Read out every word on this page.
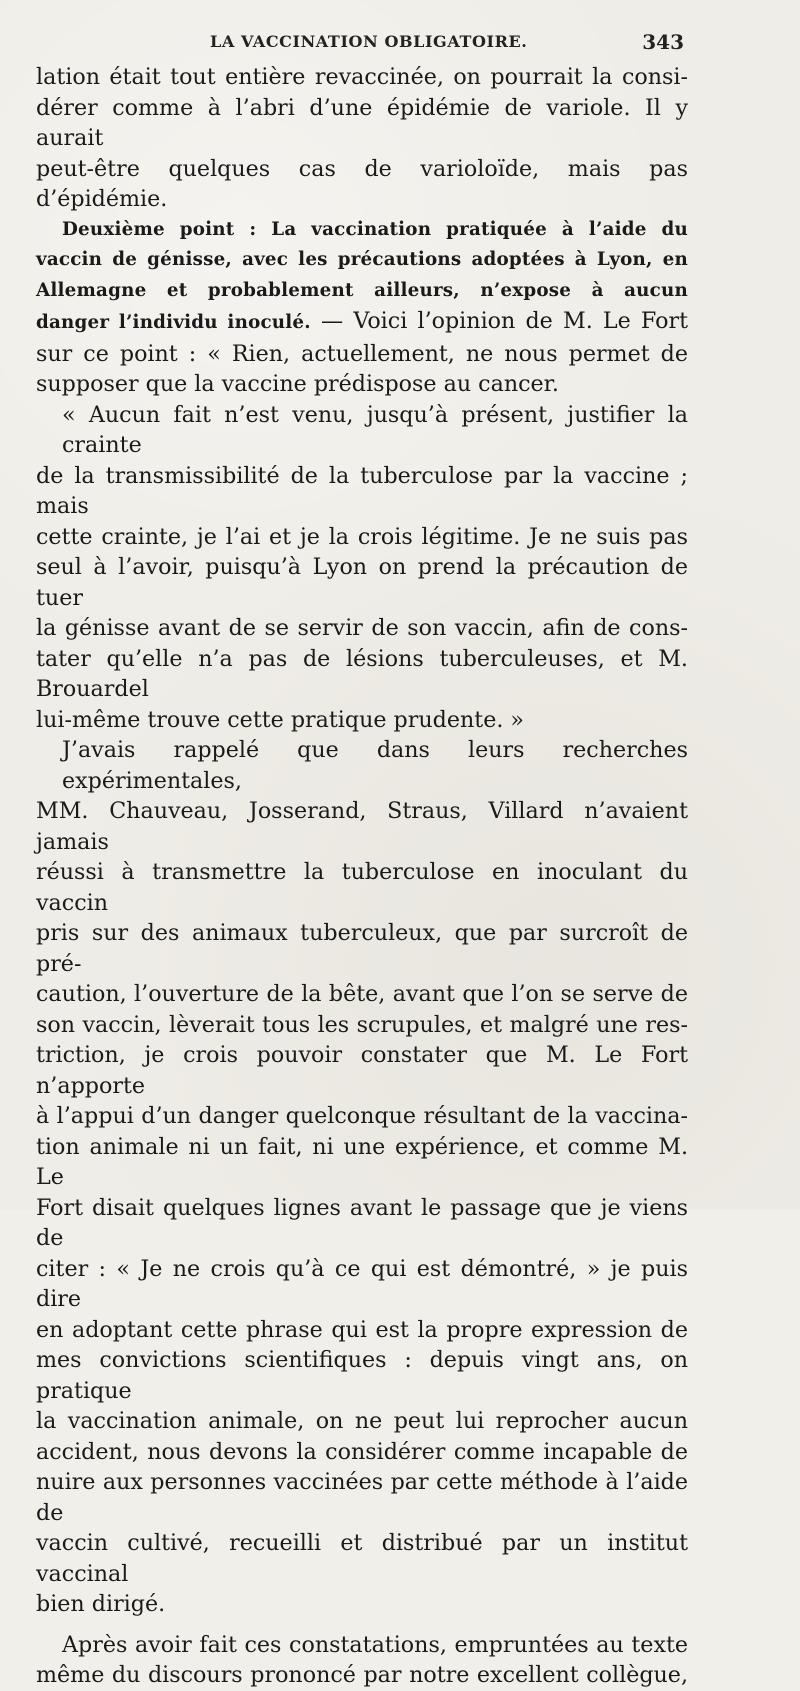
LA VACCINATION OBLIGATOIRE.	343
lation était tout entière revaccinée, on pourrait la consi-
dérer comme à l’abri d’une épidémie de variole. Il y aurait
peut-être quelques cas de varioloïde, mais pas d’épidémie.
Deuxième point : La vaccination pratiquée à l’aide du
vaccin de génisse, avec les précautions adoptées à Lyon, en
Allemagne et probablement ailleurs, n’expose à aucun
danger l’individu inoculé. — Voici l’opinion de M. Le Fort
sur ce point : « Rien, actuellement, ne nous permet de
supposer que la vaccine prédispose au cancer.
« Aucun fait n’est venu, jusqu’à présent, justifier la crainte
de la transmissibilité de la tuberculose par la vaccine ; mais
cette crainte, je l’ai et je la crois légitime. Je ne suis pas
seul à l’avoir, puisqu’à Lyon on prend la précaution de tuer
la génisse avant de se servir de son vaccin, afin de cons-
tater qu’elle n’a pas de lésions tuberculeuses, et M. Brouardel
lui-même trouve cette pratique prudente. »
J’avais rappelé que dans leurs recherches expérimentales,
MM. Chauveau, Josserand, Straus, Villard n’avaient jamais
réussi à transmettre la tuberculose en inoculant du vaccin
pris sur des animaux tuberculeux, que par surcroît de pré-
caution, l’ouverture de la bête, avant que l’on se serve de
son vaccin, lèverait tous les scrupules, et malgré une res-
triction, je crois pouvoir constater que M. Le Fort n’apporte
à l’appui d’un danger quelconque résultant de la vaccina-
tion animale ni un fait, ni une expérience, et comme M. Le
Fort disait quelques lignes avant le passage que je viens de
citer : « Je ne crois qu’à ce qui est démontré, » je puis dire
en adoptant cette phrase qui est la propre expression de
mes convictions scientifiques : depuis vingt ans, on pratique
la vaccination animale, on ne peut lui reprocher aucun
accident, nous devons la considérer comme incapable de
nuire aux personnes vaccinées par cette méthode à l’aide de
vaccin cultivé, recueilli et distribué par un institut vaccinal
bien dirigé.
Après avoir fait ces constatations, empruntées au texte
même du discours prononcé par notre excellent collègue,
